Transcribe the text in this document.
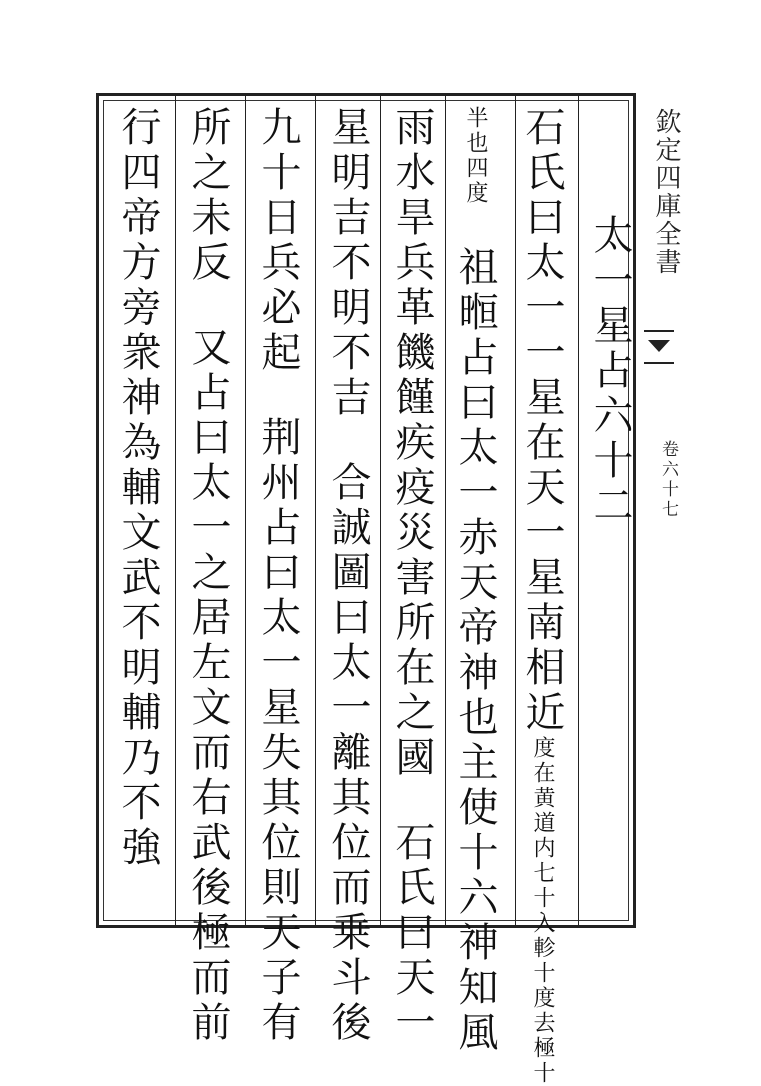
欽定四庫全書
卷六十七
太一星占六十二
石氏曰太一一星在天一星南相近
入軫十度去極十
度在黄道内七十
四度
半也
祖暅占曰太一赤天帝神也主使十六神知風
雨水旱兵革饑饉疾疫災害所在之國石氏曰天一
星明吉不明不吉合誠圖曰太一離其位而乗斗後
九十日兵必起荆州占曰太一星失其位則天子有
所之未反又占曰太一之居左文而右武後極而前
行四帝方旁衆神為輔文武不明輔乃不強
